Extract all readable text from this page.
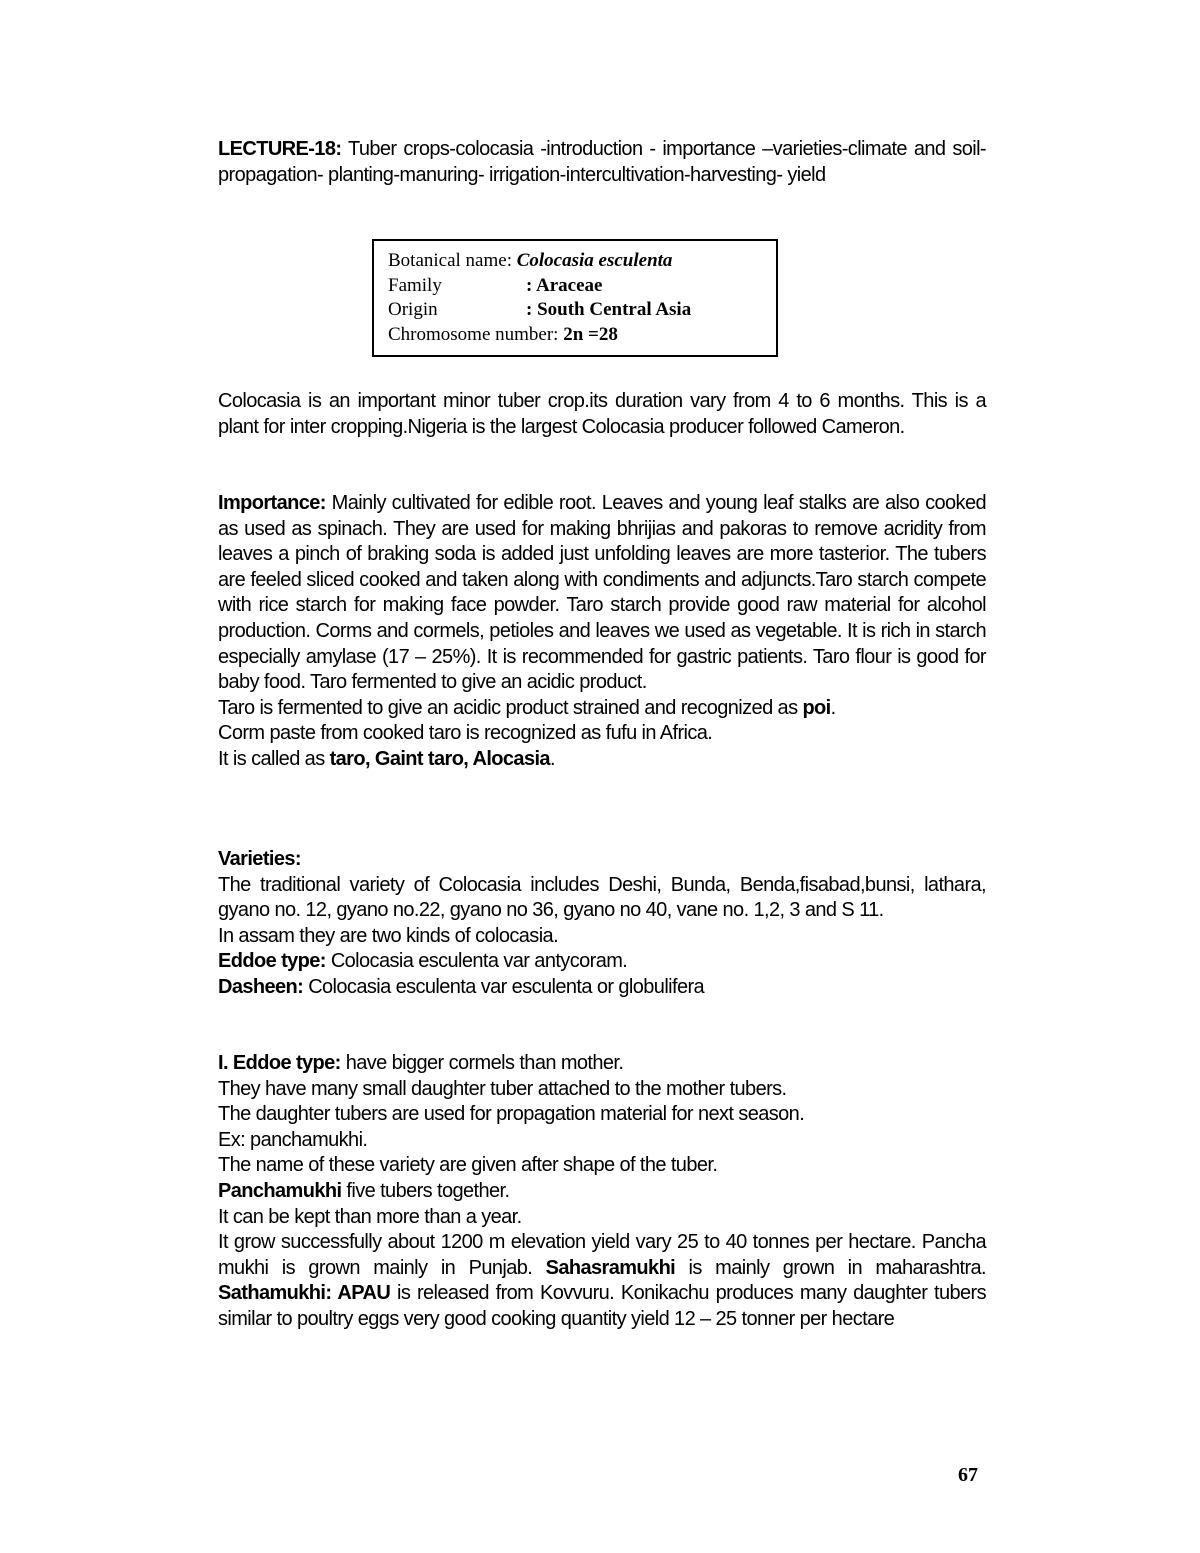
LECTURE-18: Tuber crops-colocasia -introduction - importance –varieties-climate and soil-propagation- planting-manuring- irrigation-intercultivation-harvesting- yield
Botanical name: Colocasia esculenta
Family	: Araceae
Origin	: South Central Asia
Chromosome number: 2n =28
Colocasia is an important minor tuber crop.its duration vary from 4 to 6 months. This is a plant for inter cropping.Nigeria is the largest Colocasia producer followed Cameron.

Importance: Mainly cultivated for edible root. Leaves and young leaf stalks are also cooked as used as spinach. They are used for making bhrijias and pakoras to remove acridity from leaves a pinch of braking soda is added just unfolding leaves are more tasterior. The tubers are feeled sliced cooked and taken along with condiments and adjuncts.Taro starch compete with rice starch for making face powder. Taro starch provide good raw material for alcohol production. Corms and cormels, petioles and leaves we used as vegetable. It is rich in starch especially amylase (17 – 25%). It is recommended for gastric patients. Taro flour is good for baby food. Taro fermented to give an acidic product.

Taro is fermented to give an acidic product strained and recognized as poi.
Corm paste from cooked taro is recognized as fufu in Africa.
It is called as taro, Gaint taro, Alocasia.
Varieties:

The traditional variety of Colocasia includes Deshi, Bunda, Benda,fisabad,bunsi, lathara, gyano no. 12, gyano no.22, gyano no 36, gyano no 40, vane no. 1,2, 3 and S 11.

In assam they are two kinds of colocasia.
Eddoe type: Colocasia esculenta var antycoram.
Dasheen: Colocasia esculenta var esculenta or globulifera
I. Eddoe type: have bigger cormels than mother.
They have many small daughter tuber attached to the mother tubers.
The daughter tubers are used for propagation material for next season.
Ex: panchamukhi.
The name of these variety are given after shape of the tuber.
Panchamukhi five tubers together.
It can be kept than more than a year.

It grow successfully about 1200 m elevation yield vary 25 to 40 tonnes per hectare. Pancha mukhi is grown mainly in Punjab. Sahasramukhi is mainly grown in maharashtra. Sathamukhi: APAU is released from Kovvuru. Konikachu produces many daughter tubers similar to poultry eggs very good cooking quantity yield 12 – 25 tonner per hectare

67
